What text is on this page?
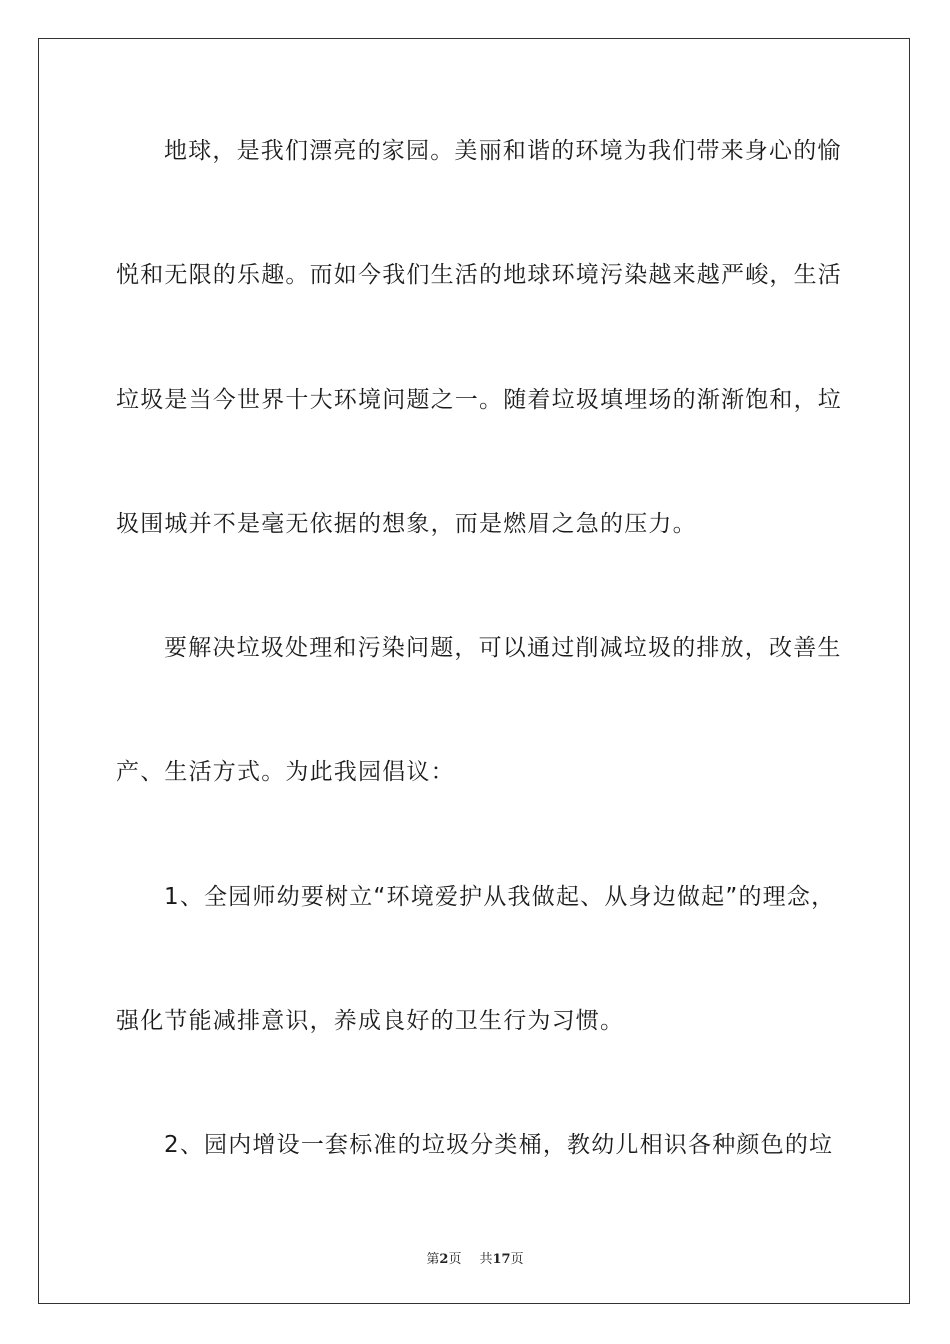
地球，是我们漂亮的家园。美丽和谐的环境为我们带来身心的愉
悦和无限的乐趣。而如今我们生活的地球环境污染越来越严峻，生活
垃圾是当今世界十大环境问题之一。随着垃圾填埋场的渐渐饱和，垃
圾围城并不是毫无依据的想象，而是燃眉之急的压力。
要解决垃圾处理和污染问题，可以通过削减垃圾的排放，改善生
产、生活方式。为此我园倡议：
1、全园师幼要树立“环境爱护从我做起、从身边做起”的理念，
强化节能减排意识，养成良好的卫生行为习惯。
2、园内增设一套标准的垃圾分类桶，教幼儿相识各种颜色的垃
第2页 共17页
